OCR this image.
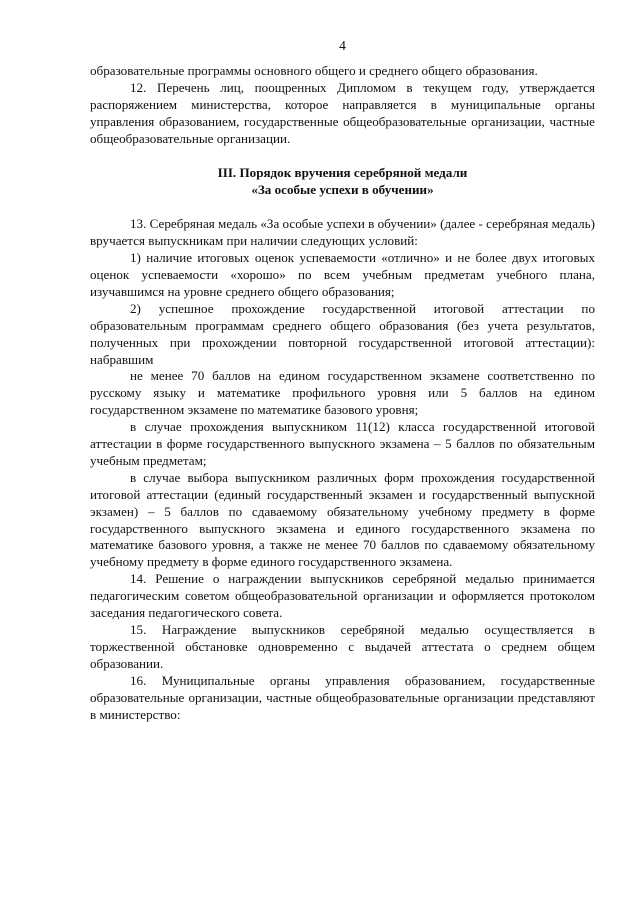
4

образовательные программы основного общего и среднего общего образования.

12. Перечень лиц, поощренных Дипломом в текущем году, утверждается распоряжением министерства, которое направляется в муниципальные органы управления образованием, государственные общеобразовательные организации, частные общеобразовательные организации.

III. Порядок вручения серебряной медали

«За особые успехи в обучении»

13. Серебряная медаль «За особые успехи в обучении» (далее - серебряная медаль) вручается выпускникам при наличии следующих условий:

1) наличие итоговых оценок успеваемости «отлично» и не более двух итоговых оценок успеваемости «хорошо» по всем учебным предметам учебного плана, изучавшимся на уровне среднего общего образования;

2) успешное прохождение государственной итоговой аттестации по образовательным программам среднего общего образования (без учета результатов, полученных при прохождении повторной государственной итоговой аттестации): набравшим

не менее 70 баллов на едином государственном экзамене соответственно по русскому языку и математике профильного уровня или 5 баллов на едином государственном экзамене по математике базового уровня;

в случае прохождения выпускником 11(12) класса государственной итоговой аттестации в форме государственного выпускного экзамена – 5 баллов по обязательным учебным предметам;

в случае выбора выпускником различных форм прохождения государственной итоговой аттестации (единый государственный экзамен и государственный выпускной экзамен) – 5 баллов по сдаваемому обязательному учебному предмету в форме государственного выпускного экзамена и единого государственного экзамена по математике базового уровня, а также не менее 70 баллов по сдаваемому обязательному учебному предмету в форме единого государственного экзамена.

14. Решение о награждении выпускников серебряной медалью принимается педагогическим советом общеобразовательной организации и оформляется протоколом заседания педагогического совета.

15. Награждение выпускников серебряной медалью осуществляется в торжественной обстановке одновременно с выдачей аттестата о среднем общем образовании.

16. Муниципальные органы управления образованием, государственные образовательные организации, частные общеобразовательные организации представляют в министерство:
